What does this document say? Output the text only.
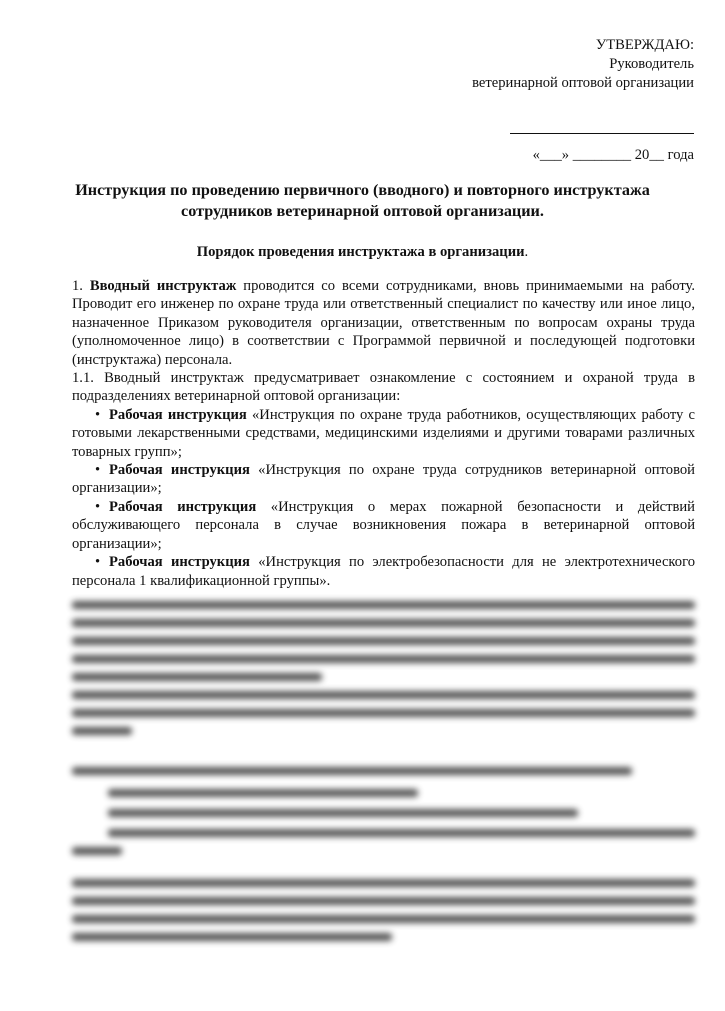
УТВЕРЖДАЮ:
Руководитель
ветеринарной оптовой организации
«___» ________ 20__ года
Инструкция по проведению первичного (вводного) и повторного инструктажа сотрудников ветеринарной оптовой организации.
Порядок проведения инструктажа в организации.

1. Вводный инструктаж проводится со всеми сотрудниками, вновь принимаемыми на работу. Проводит его инженер по охране труда или ответственный специалист по качеству или иное лицо, назначенное Приказом руководителя организации, ответственным по вопросам охраны труда (уполномоченное лицо) в соответствии с Программой первичной и последующей подготовки (инструктажа) персонала.

1.1. Вводный инструктаж предусматривает ознакомление с состоянием и охраной труда в подразделениях ветеринарной оптовой организации:

• Рабочая инструкция «Инструкция по охране труда работников, осуществляющих работу с готовыми лекарственными средствами, медицинскими изделиями и другими товарами различных товарных групп»;
• Рабочая инструкция «Инструкция по охране труда сотрудников ветеринарной оптовой организации»;
• Рабочая инструкция «Инструкция о мерах пожарной безопасности и действий обслуживающего персонала в случае возникновения пожара в ветеринарной оптовой организации»;
• Рабочая инструкция «Инструкция по электробезопасности для не электротехнического персонала 1 квалификационной группы».
